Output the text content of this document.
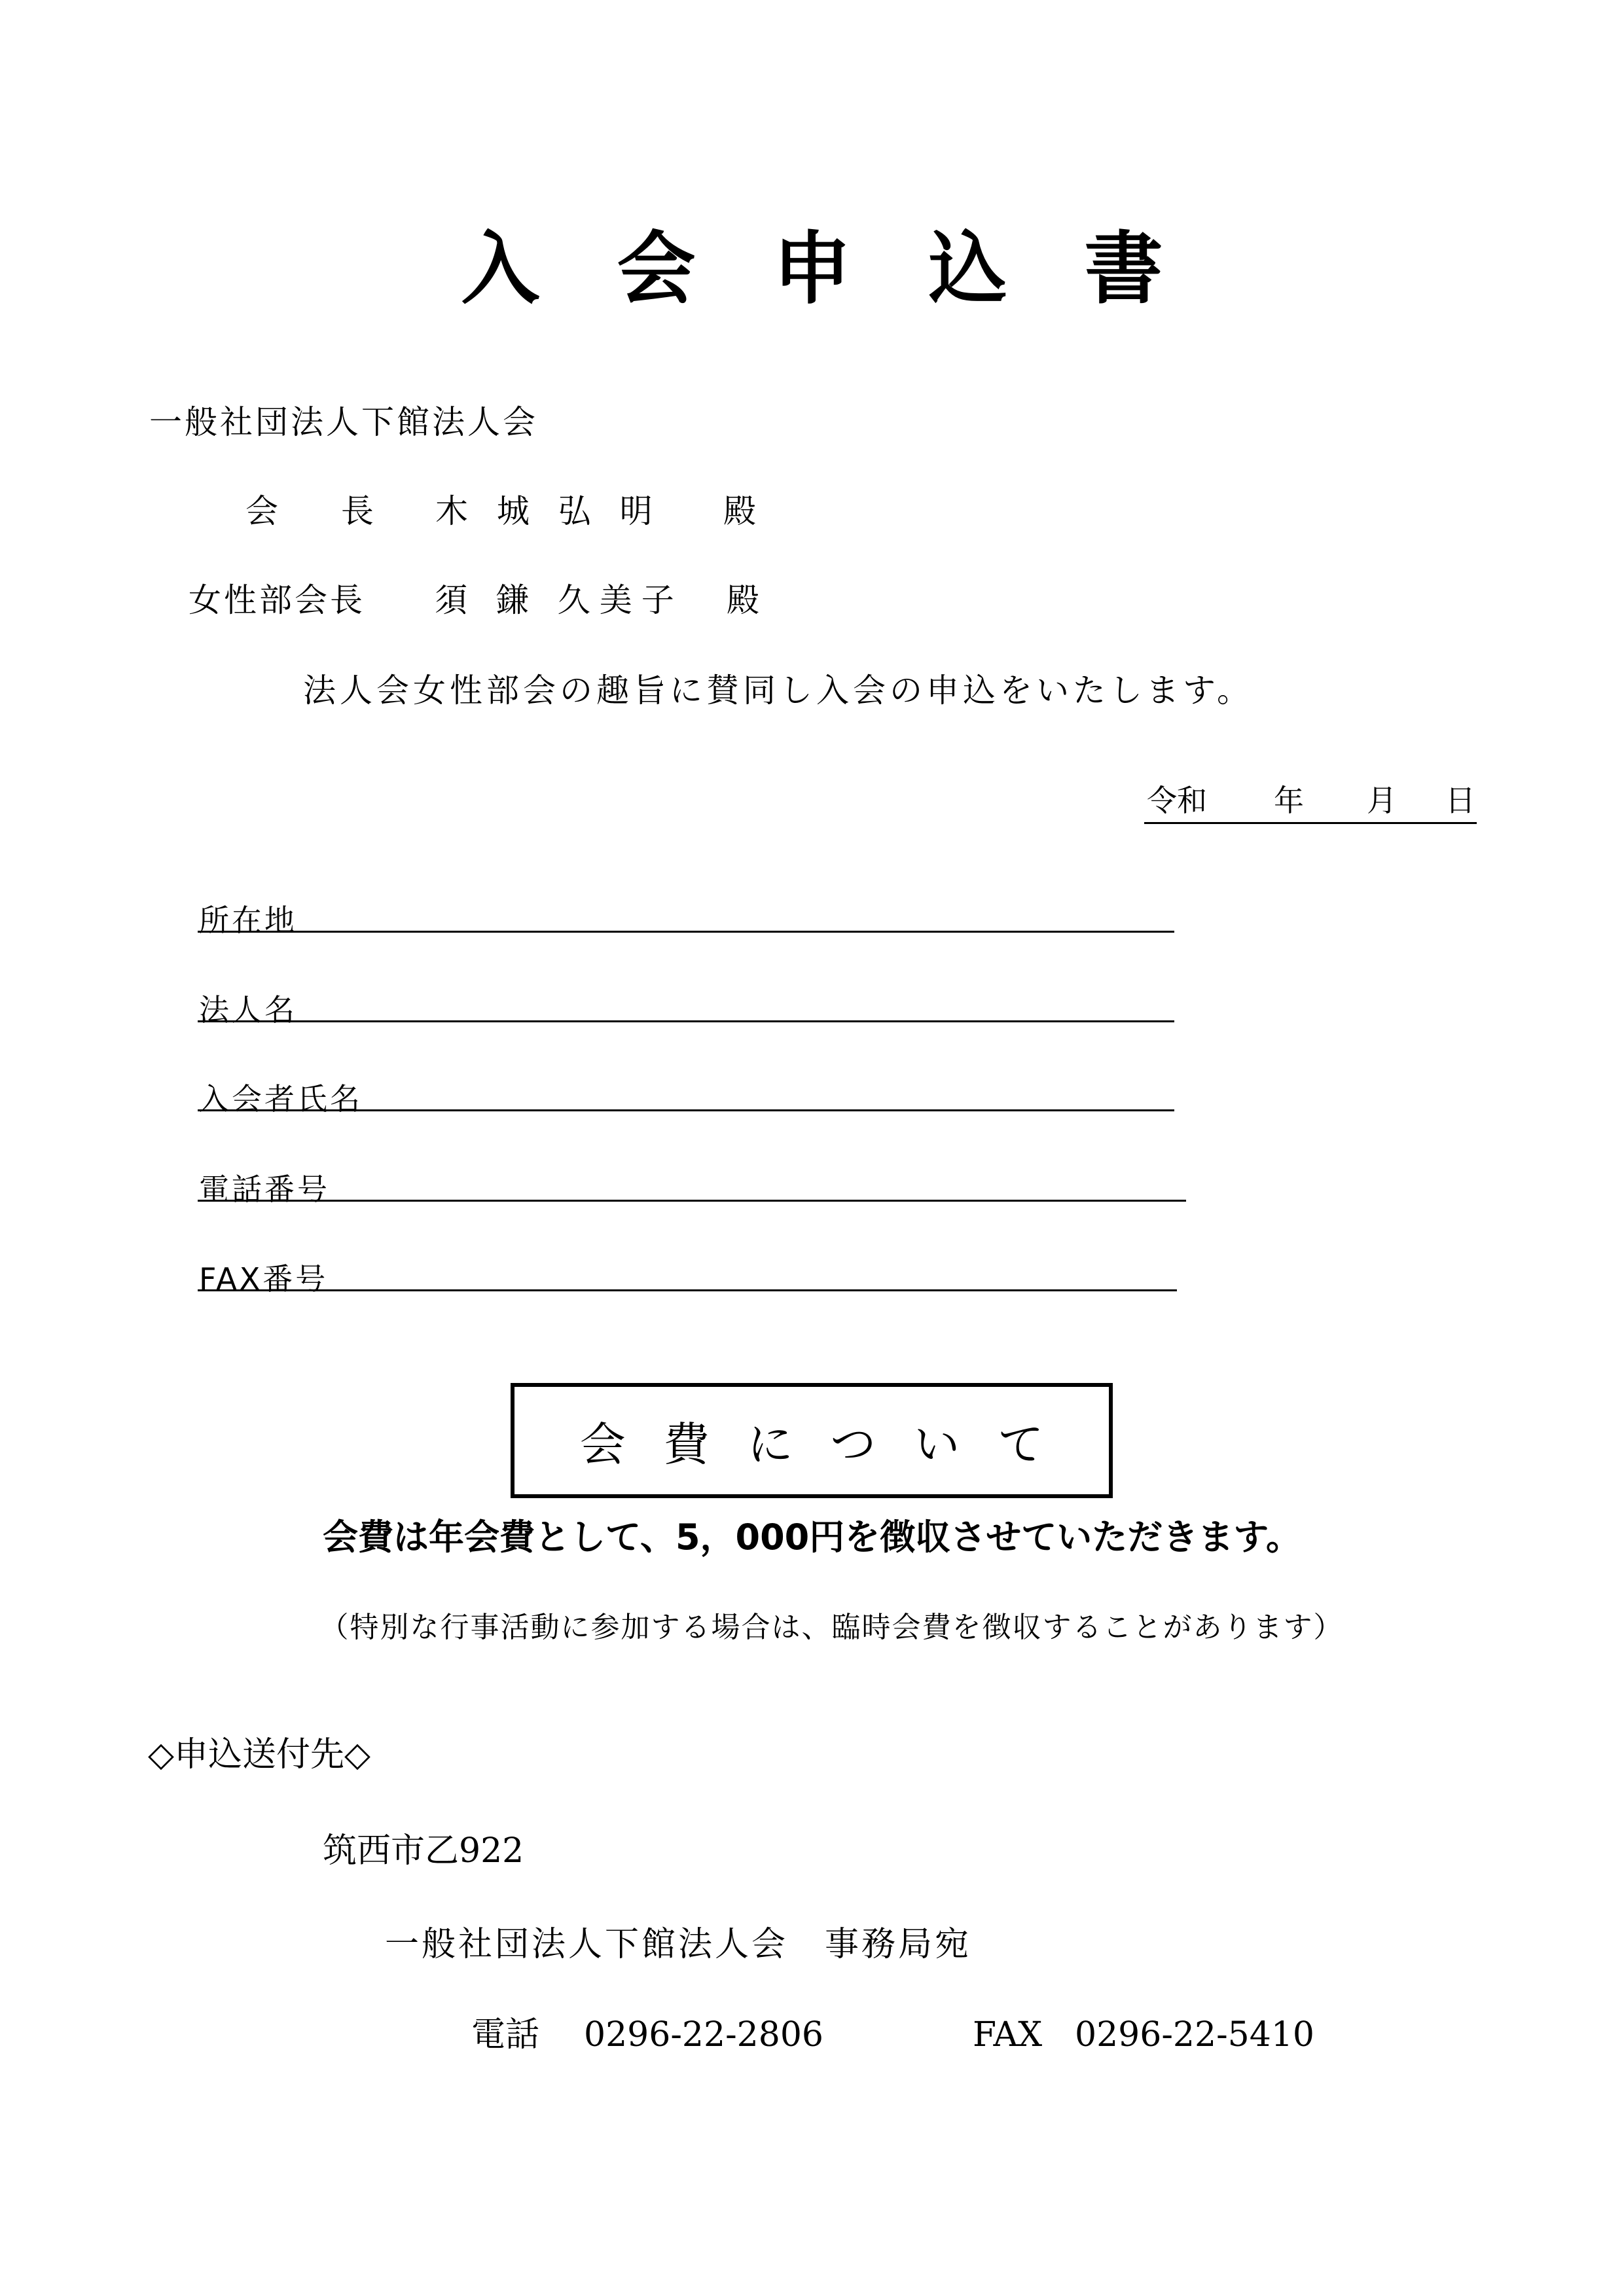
入会申込書
一般社団法人下館法人会
会 長 木 城 弘 明 殿
女性部会長 須 鎌 久美子 殿
法人会女性部会の趣旨に賛同し入会の申込をいたします。
令和 年 月 日
所在地
法人名
入会者氏名
電話番号
FAX番号
会費について
会費は年会費として、5，000円を徴収させていただきます。
（特別な行事活動に参加する場合は、臨時会費を徴収することがあります）
◇申込送付先◇
筑西市乙922
一般社団法人下館法人会　事務局宛
電話 0296-22-2806	FAX 0296-22-5410
